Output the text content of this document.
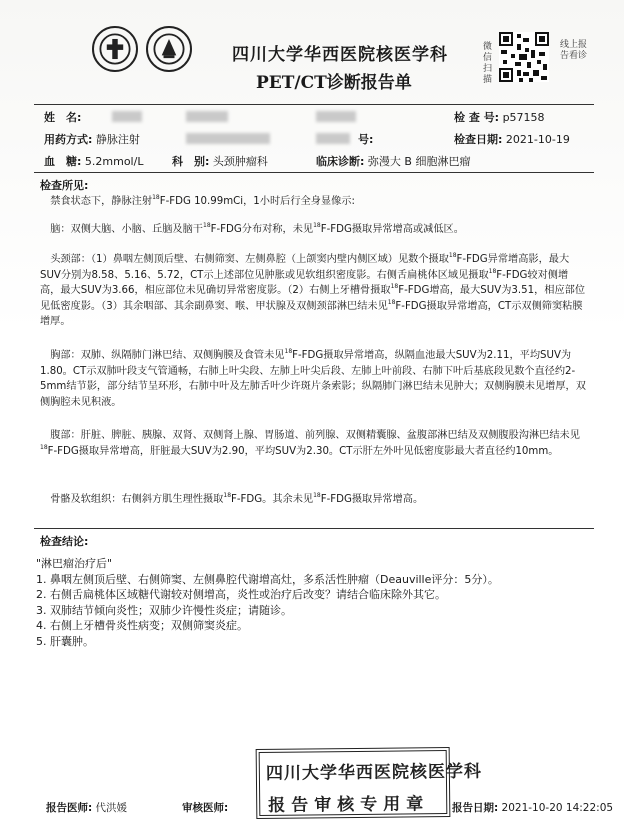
四川大学华西医院核医学科
PET/CT诊断报告单
微信扫描
线上报告看诊
姓　名:	检 查 号: p57158
用药方式: 静脉注射	号:	检查日期: 2021-10-19
血　糖: 5.2mmol/L	科　别: 头颈肿瘤科	临床诊断: 弥漫大 B 细胞淋巴瘤

检查所见:

 禁食状态下，静脉注射$^{18}$F-FDG 10.99mCi，1小时后行全身显像示:

 脑：双侧大脑、小脑、丘脑及脑干$^{18}$F-FDG分布对称，未见$^{18}$F-FDG摄取异常增高或减低区。

 头颈部：（1）鼻咽左侧顶后壁、右侧筛窦、左侧鼻腔（上颌窦内壁内侧区域）见数个摄取$^{18}$F-FDG异常增高影，最大SUV分别为8.58、5.16、5.72，CT示上述部位见肿胀或见软组织密度影。右侧舌扁桃体区域见摄取$^{18}$F-FDG较对侧增高，最大SUV为3.66，相应部位未见确切异常密度影。（2）右侧上牙槽骨摄取$^{18}$F-FDG增高，最大SUV为3.51，相应部位见低密度影。（3）其余咽部、其余副鼻窦、喉、甲状腺及双侧颈部淋巴结未见$^{18}$F-FDG摄取异常增高，CT示双侧筛窦粘膜增厚。

 胸部：双肺、纵隔肺门淋巴结、双侧胸膜及食管未见$^{18}$F-FDG摄取异常增高，纵隔血池最大SUV为2.11，平均SUV为1.80。CT示双肺叶段支气管通畅，右肺上叶尖段、左肺上叶尖后段、左肺上叶前段、右肺下叶后基底段见数个直径约2-5mm结节影，部分结节呈环形，右肺中叶及左肺舌叶少许斑片条索影；纵隔肺门淋巴结未见肿大；双侧胸膜未见增厚，双侧胸腔未见积液。

 腹部：肝脏、脾脏、胰腺、双肾、双侧肾上腺、胃肠道、前列腺、双侧精囊腺、盆腹部淋巴结及双侧腹股沟淋巴结未见$^{18}$F-FDG摄取异常增高，肝脏最大SUV为2.90，平均SUV为2.30。CT示肝左外叶见低密度影最大者直径约10mm。

 骨骼及软组织：右侧斜方肌生理性摄取$^{18}$F-FDG。其余未见$^{18}$F-FDG摄取异常增高。

检查结论:

"淋巴瘤治疗后"

1. 鼻咽左侧顶后壁、右侧筛窦、左侧鼻腔代谢增高灶，多系活性肿瘤（Deauville评分：5分）。

2. 右侧舌扁桃体区域糖代谢较对侧增高，炎性或治疗后改变？请结合临床除外其它。

3. 双肺结节倾向炎性；双肺少许慢性炎症；请随诊。

4. 右侧上牙槽骨炎性病变；双侧筛窦炎症。

5. 肝囊肿。

四川大学华西医院核医学科
报告审核专用章
报告医师: 代洪媛	审核医师:	报告日期: 2021-10-20 14:22:05
